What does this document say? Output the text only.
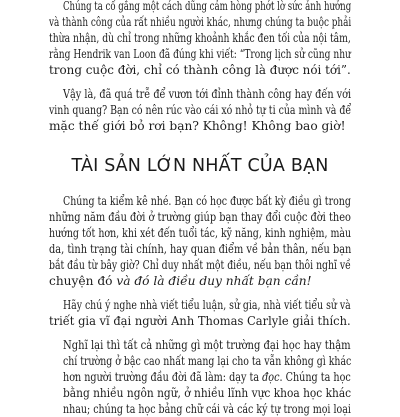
Chúng ta cố gắng một cách dũng cảm hòng phớt lờ sức ảnh hưởng
và thành công của rất nhiều người khác, nhưng chúng ta buộc phải
thừa nhận, dù chỉ trong những khoảnh khắc đen tối của nội tâm,
rằng Hendrik van Loon đã đúng khi viết: “Trong lịch sử cũng như
trong cuộc đời, chỉ có thành công là được nói tới”.
Vậy là, đã quá trễ để vươn tới đỉnh thành công hay đến với
vinh quang? Bạn có nên rúc vào cái xó nhỏ tự ti của mình và để
mặc thế giới bỏ rơi bạn? Không! Không bao giờ!
TÀI SẢN LỚN NHẤT CỦA BẠN
Chúng ta kiểm kê nhé. Bạn có học được bất kỳ điều gì trong
những năm đầu đời ở trường giúp bạn thay đổi cuộc đời theo
hướng tốt hơn, khi xét đến tuổi tác, kỹ năng, kinh nghiệm, màu
da, tình trạng tài chính, hay quan điểm về bản thân, nếu bạn
bắt đầu từ bây giờ? Chỉ duy nhất một điều, nếu bạn thôi nghĩ về
chuyện đó và đó là điều duy nhất bạn cần!
Hãy chú ý nghe nhà viết tiểu luận, sử gia, nhà viết tiểu sử và
triết gia vĩ đại người Anh Thomas Carlyle giải thích.
Nghĩ lại thì tất cả những gì một trường đại học hay thậm
chí trường ở bậc cao nhất mang lại cho ta vẫn không gì khác
hơn người trường đầu đời đã làm: dạy ta đọc. Chúng ta học
bằng nhiều ngôn ngữ, ở nhiều lĩnh vực khoa học khác
nhau; chúng ta học bảng chữ cái và các ký tự trong mọi loại
